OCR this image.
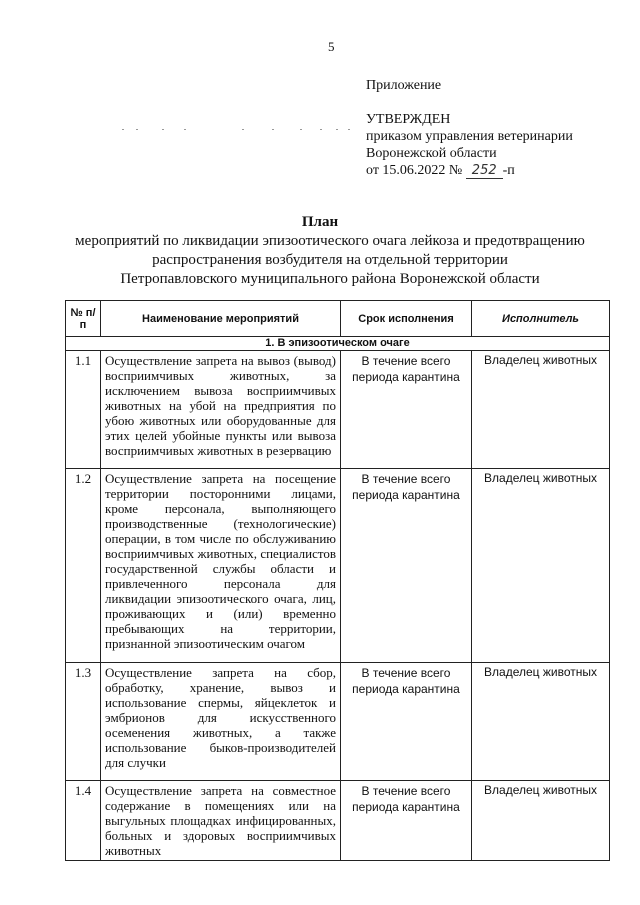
5
Приложение
УТВЕРЖДЕН
приказом управления ветеринарии
Воронежской области
от 15.06.2022 № 252 -п
План
мероприятий по ликвидации эпизоотического очага лейкоза и предотвращению
распространения возбудителя на отдельной территории
Петропавловского муниципального района Воронежской области
№ п/п	Наименование мероприятий	Срок исполнения	Исполнитель
1. В эпизоотическом очаге			
1.1	Осуществление запрета на вывоз (вывод) восприимчивых животных, за исключением вывоза восприимчивых животных на убой на предприятия по убою животных или оборудованные для этих целей убойные пункты или вывоза восприимчивых животных в резервацию	В течение всего периода карантина	Владелец животных
1.2	Осуществление запрета на посещение территории посторонними лицами, кроме персонала, выполняющего производственные (технологические) операции, в том числе по обслуживанию восприимчивых животных, специалистов государственной службы области и привлеченного персонала для ликвидации эпизоотического очага, лиц, проживающих и (или) временно пребывающих на территории, признанной эпизоотическим очагом	В течение всего периода карантина	Владелец животных
1.3	Осуществление запрета на сбор, обработку, хранение, вывоз и использование спермы, яйцеклеток и эмбрионов для искусственного осеменения животных, а также использование быков-производителей для случки	В течение всего периода карантина	Владелец животных
1.4	Осуществление запрета на совместное содержание в помещениях или на выгульных площадках инфицированных, больных и здоровых восприимчивых животных	В течение всего периода карантина	Владелец животных
